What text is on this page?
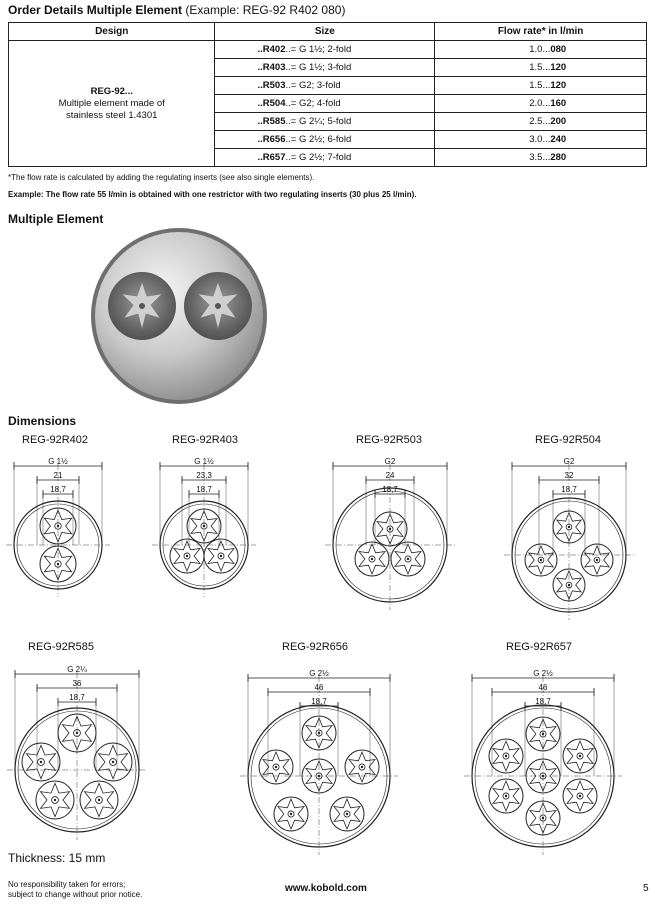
Order Details Multiple Element (Example: REG-92 R402 080)
Design	Size	Flow rate* in l/min

REG-92...
Multiple element made of
stainless steel 1.4301	..R402..= G 1½; 2-fold	1.0...080
	..R403..= G 1½; 3-fold	1.5...120
	..R503..= G2; 3-fold	1.5...120
	..R504..= G2; 4-fold	2.0...160
	..R585..= G 2¼; 5-fold	2.5...200
	..R656..= G 2½; 6-fold	3.0...240
	..R657..= G 2½; 7-fold	3.5...280
*The flow rate is calculated by adding the regulating inserts (see also single elements).
Example: The flow rate 55 l/min is obtained with one restrictor with two regulating inserts (30 plus 25 l/min).
Multiple Element
Dimensions
REG-92R402	REG-92R403	REG-92R503	REG-92R504
REG-92R585	REG-92R656	REG-92R657
G 1½
21
18,7
G 1½
23,3
18,7
G2
24
18,7
G2
32
18,7
G 2¼
36
18,7
G 2½
46
18,7
G 2½
46
18,7
Thickness: 15 mm
No responsibility taken for errors;
subject to change without prior notice.
www.kobold.com	5
